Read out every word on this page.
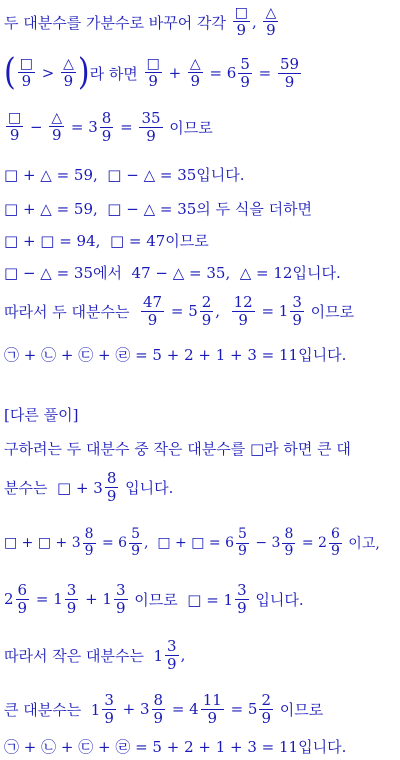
두 대분수를 가분수로 바꾸어 각각 $\frac{□}{9}$ , $\frac{\triangle}{9}$
( $\frac{□}{9} > \frac{\triangle}{9}$ ) 라 하면 $\frac{□}{9} + \frac{\triangle}{9} = 6 \frac{5}{9} = \frac{59}{9}$
$\frac{□}{9} - \frac{\triangle}{9} = 3 \frac{8}{9} = \frac{35}{9}$ 이므로
□ + △ = 59,  □ − △ = 35입니다.
□ + △ = 59,  □ − △ = 35의 두 식을 더하면
□ + □ = 94,  □ = 47이므로
□ − △ = 35에서  47 − △ = 35,  △ = 12입니다.
따라서 두 대분수는 $\frac{47}{9} = 5 \frac{2}{9}$ , $\frac{12}{9} = 1 \frac{3}{9}$ 이므로
㉠ + ㉡ + ㉢ + ㉣ = 5 + 2 + 1 + 3 = 11입니다.
[다른 풀이]
구하려는 두 대분수 중 작은 대분수를 □라 하면 큰 대
분수는  □ + $3 \frac{8}{9}$ 입니다.
□ + □ + $3 \frac{8}{9} = 6 \frac{5}{9}$ ,  □ + □ = $6 \frac{5}{9} - 3 \frac{8}{9} = 2 \frac{6}{9}$ 이고,
$2 \frac{6}{9} = 1 \frac{3}{9} + 1 \frac{3}{9}$ 이므로  □ = $1 \frac{3}{9}$ 입니다.
따라서 작은 대분수는  $1 \frac{3}{9}$ ,
큰 대분수는  $1 \frac{3}{9} + 3 \frac{8}{9} = 4 \frac{11}{9} = 5 \frac{2}{9}$ 이므로
㉠ + ㉡ + ㉢ + ㉣ = 5 + 2 + 1 + 3 = 11입니다.
